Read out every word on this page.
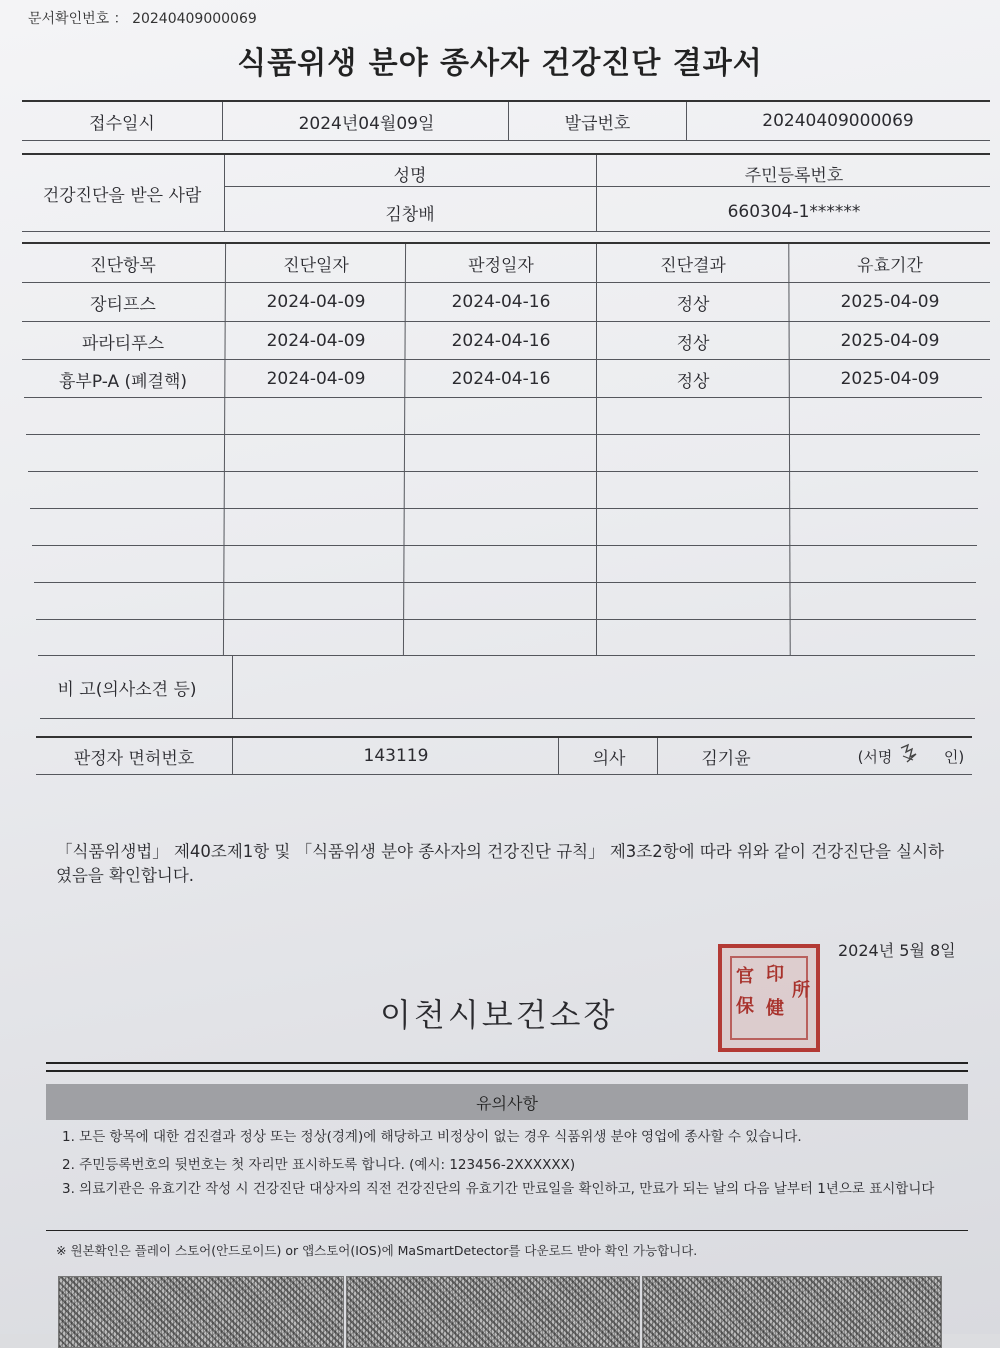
문서확인번호 ： 20240409000069
식품위생 분야 종사자 건강진단 결과서
접수일시	2024년04월09일	발급번호	20240409000069
건강진단을 받은 사람
성명	주민등록번호
김창배	660304-1******
진단항목	진단일자	판정일자	진단결과	유효기간
장티프스	2024-04-09	2024-04-16	정상	2025-04-09
파라티푸스	2024-04-09	2024-04-16	정상	2025-04-09
흉부P-A (폐결핵)	2024-04-09	2024-04-16	정상	2025-04-09
비 고(의사소견 등)
판정자 면허번호	143119	의사	김기윤	(서명	인)
「식품위생법」 제40조제1항 및 「식품위생 분야 종사자의 건강진단 규칙」 제3조2항에 따라 위와 같이 건강진단을 실시하였음을 확인합니다.
2024년 5월 8일
이천시보건소장
官 印
保 健
所
유의사항
1. 모든 항목에 대한 검진결과 정상 또는 정상(경계)에 해당하고 비정상이 없는 경우 식품위생 분야 영업에 종사할 수 있습니다.
2. 주민등록번호의 뒷번호는 첫 자리만 표시하도록 합니다. (예시: 123456-2XXXXXX)
3. 의료기관은 유효기간 작성 시 건강진단 대상자의 직전 건강진단의 유효기간 만료일을 확인하고, 만료가 되는 날의 다음 날부터 1년으로 표시합니다
※ 원본확인은 플레이 스토어(안드로이드) or 앱스토어(IOS)에 MaSmartDetector를 다운로드 받아 확인 가능합니다.
